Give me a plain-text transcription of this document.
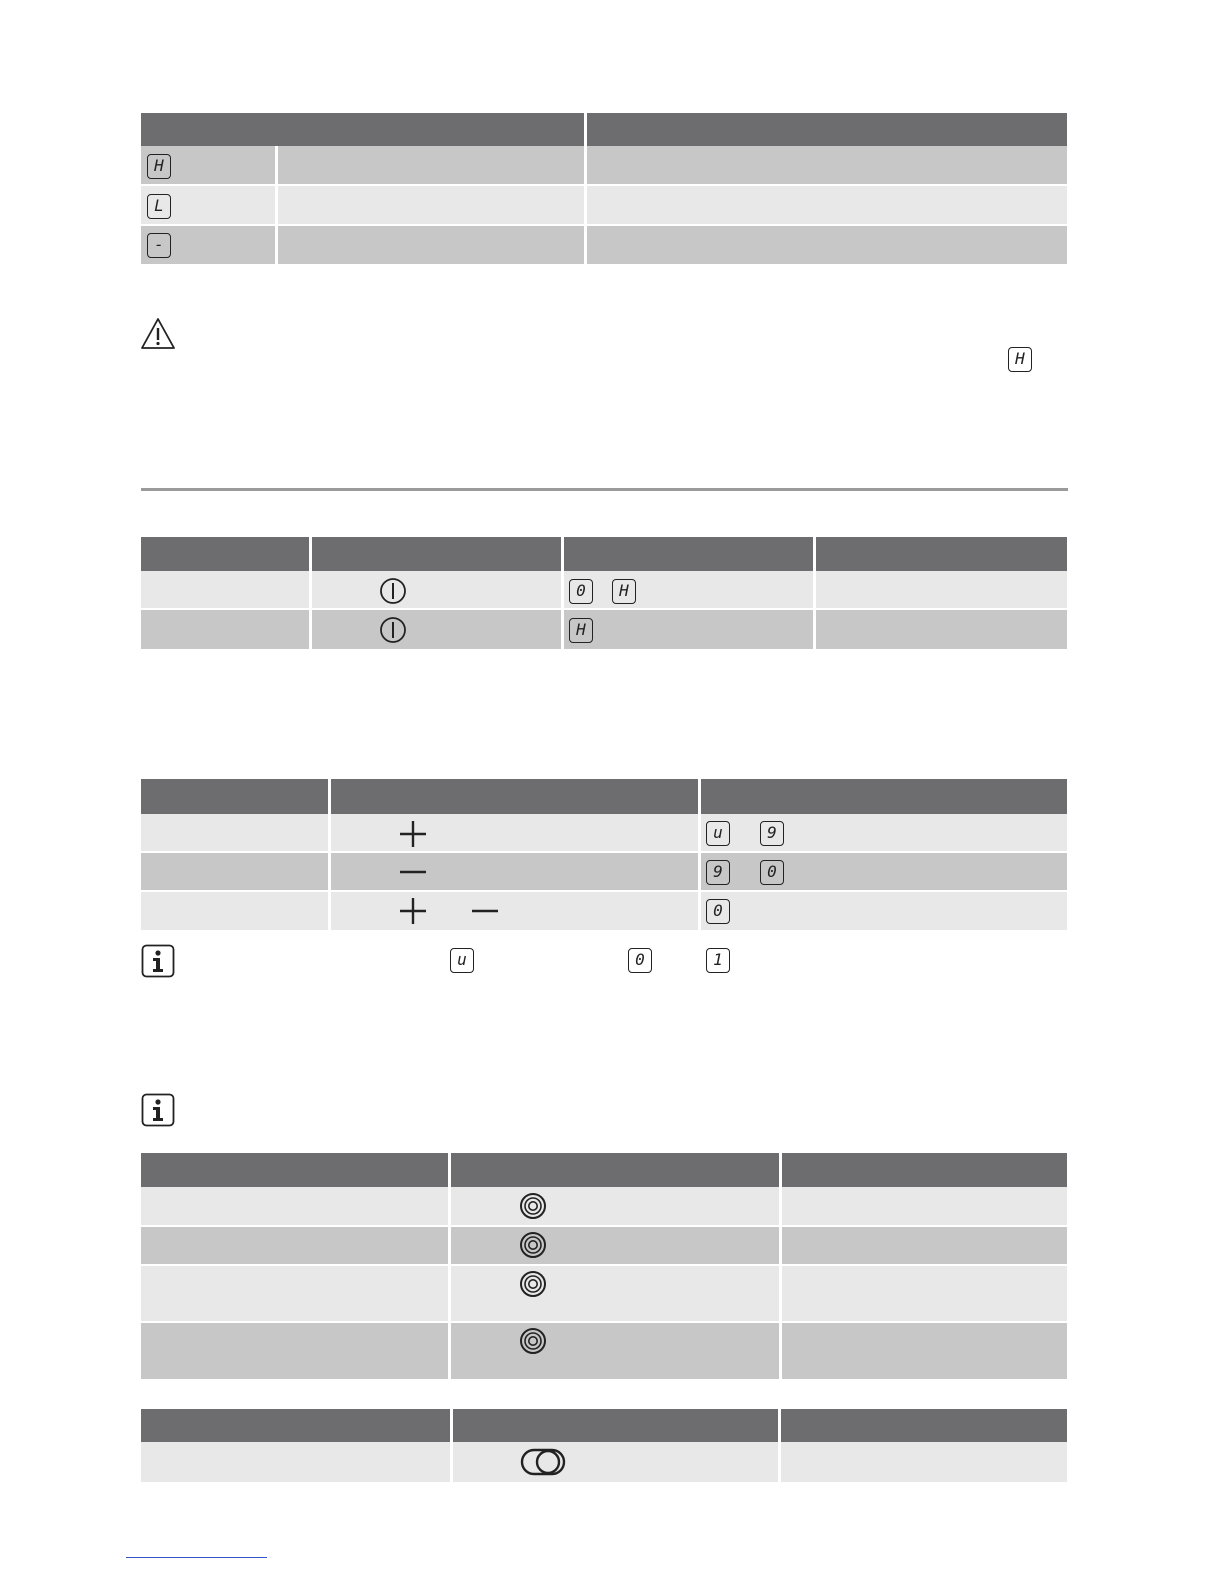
H
L
-
H
0	H
H
u	9
9	0
0
u	0	1
